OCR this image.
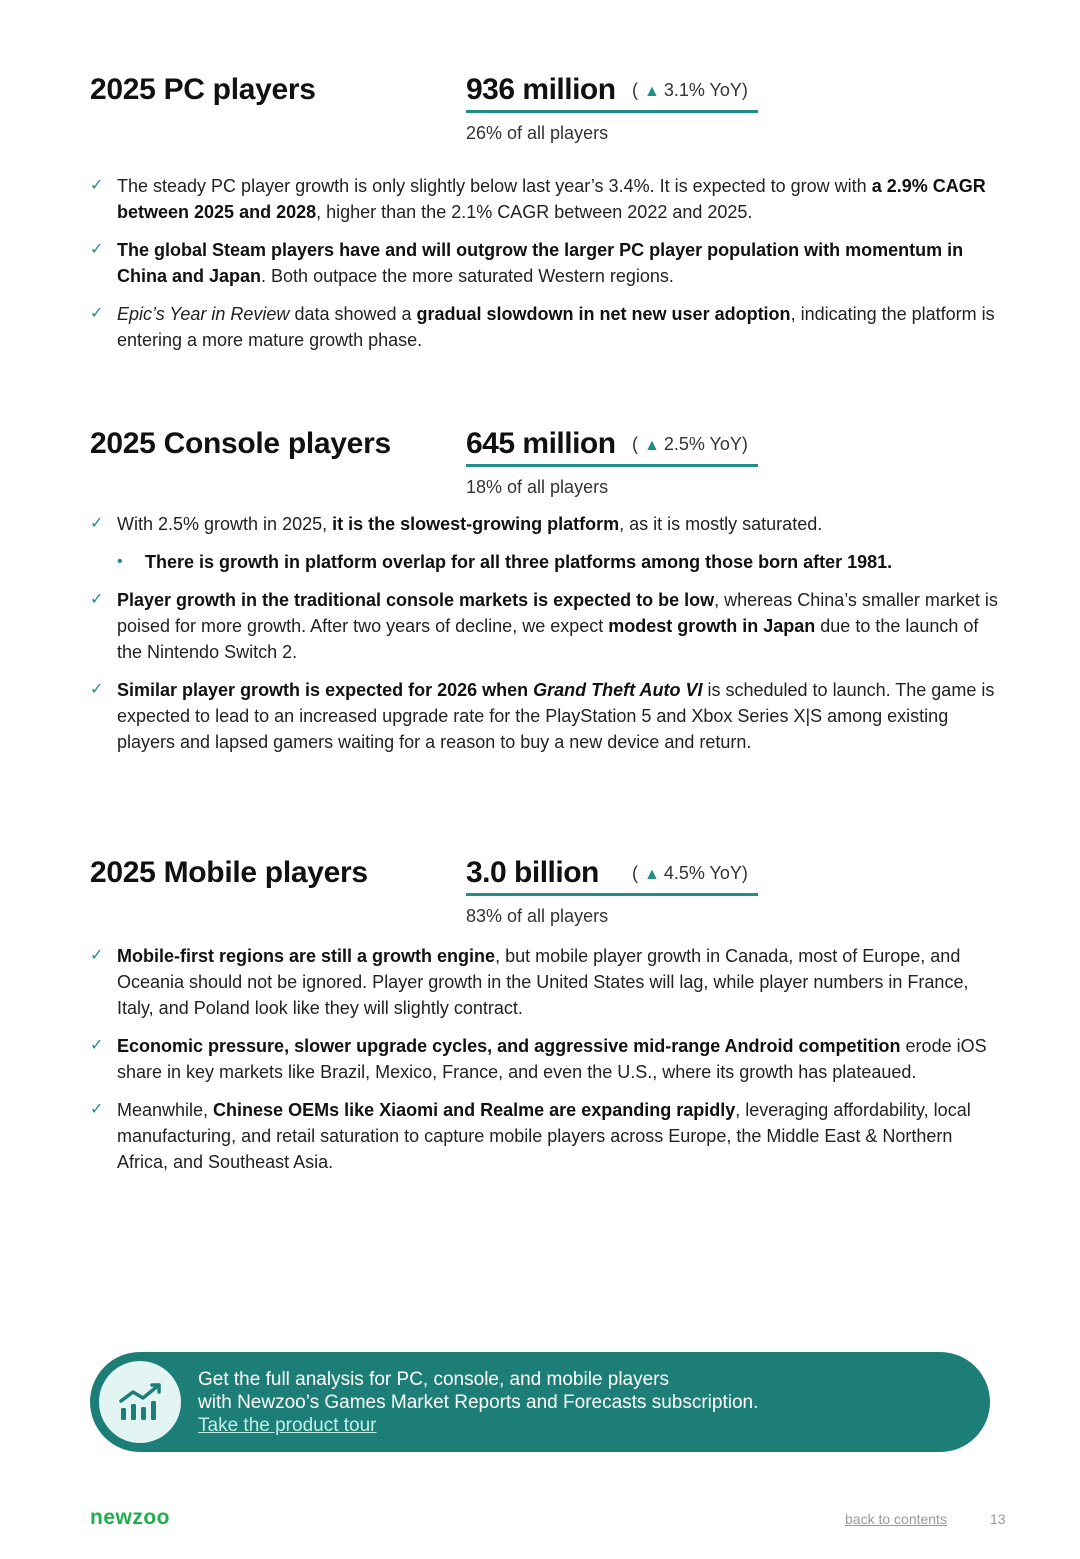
2025 PC players	936 million ( ▲ 3.1% YoY)
26% of all players
✓ The steady PC player growth is only slightly below last year’s 3.4%. It is expected to grow with a 2.9% CAGR between 2025 and 2028, higher than the 2.1% CAGR between 2022 and 2025.
✓ The global Steam players have and will outgrow the larger PC player population with momentum in China and Japan. Both outpace the more saturated Western regions.
✓ Epic’s Year in Review data showed a gradual slowdown in net new user adoption, indicating the platform is entering a more mature growth phase.
2025 Console players	645 million ( ▲ 2.5% YoY)
18% of all players
✓ With 2.5% growth in 2025, it is the slowest-growing platform, as it is mostly saturated.
• There is growth in platform overlap for all three platforms among those born after 1981.
✓ Player growth in the traditional console markets is expected to be low, whereas China’s smaller market is poised for more growth. After two years of decline, we expect modest growth in Japan due to the launch of the Nintendo Switch 2.
✓ Similar player growth is expected for 2026 when Grand Theft Auto VI is scheduled to launch. The game is expected to lead to an increased upgrade rate for the PlayStation 5 and Xbox Series X|S among existing players and lapsed gamers waiting for a reason to buy a new device and return.
2025 Mobile players	3.0 billion ( ▲ 4.5% YoY)
83% of all players
✓ Mobile-first regions are still a growth engine, but mobile player growth in Canada, most of Europe, and Oceania should not be ignored. Player growth in the United States will lag, while player numbers in France, Italy, and Poland look like they will slightly contract.
✓ Economic pressure, slower upgrade cycles, and aggressive mid-range Android competition erode iOS share in key markets like Brazil, Mexico, France, and even the U.S., where its growth has plateaued.
✓ Meanwhile, Chinese OEMs like Xiaomi and Realme are expanding rapidly, leveraging affordability, local manufacturing, and retail saturation to capture mobile players across Europe, the Middle East & Northern Africa, and Southeast Asia.
Get the full analysis for PC, console, and mobile players
with Newzoo’s Games Market Reports and Forecasts subscription.
Take the product tour
newzoo	back to contents	13
